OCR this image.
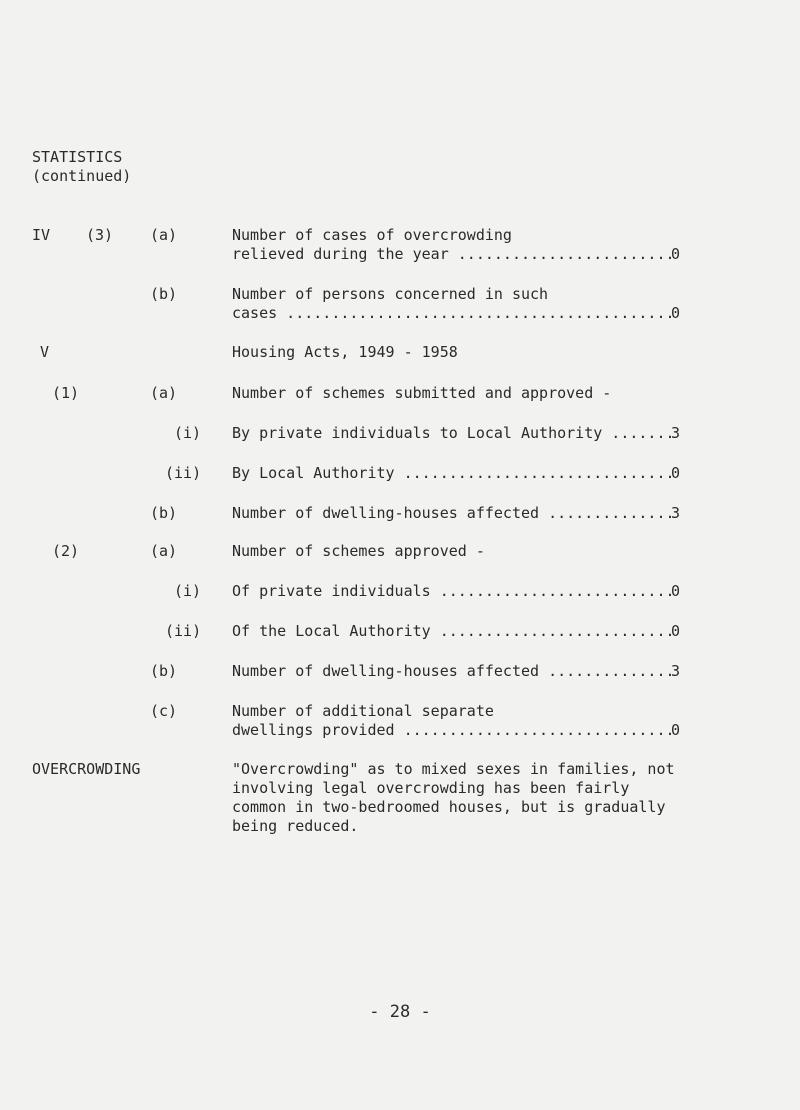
STATISTICS
(continued)
IV (3) (a)	Number of cases of overcrowding
relieved during the year .....	0
(b)	Number of persons concerned in such
cases .....	0
V	Housing Acts, 1949 - 1958
(1)	(a)	Number of schemes submitted and approved -
(i) By private individuals to Local Authority .....	3
(ii) By Local Authority .....	0
(b)	Number of dwelling-houses affected .....	3
(2)	(a)	Number of schemes approved -
(i) Of private individuals .....	0
(ii) Of the Local Authority .....	0
(b)	Number of dwelling-houses affected .....	3
(c)	Number of additional separate
dwellings provided .....	0
OVERCROWDING	"Overcrowding" as to mixed sexes in families, not involving legal overcrowding has been fairly common in two-bedroomed houses, but is gradually being reduced.
- 28 -
